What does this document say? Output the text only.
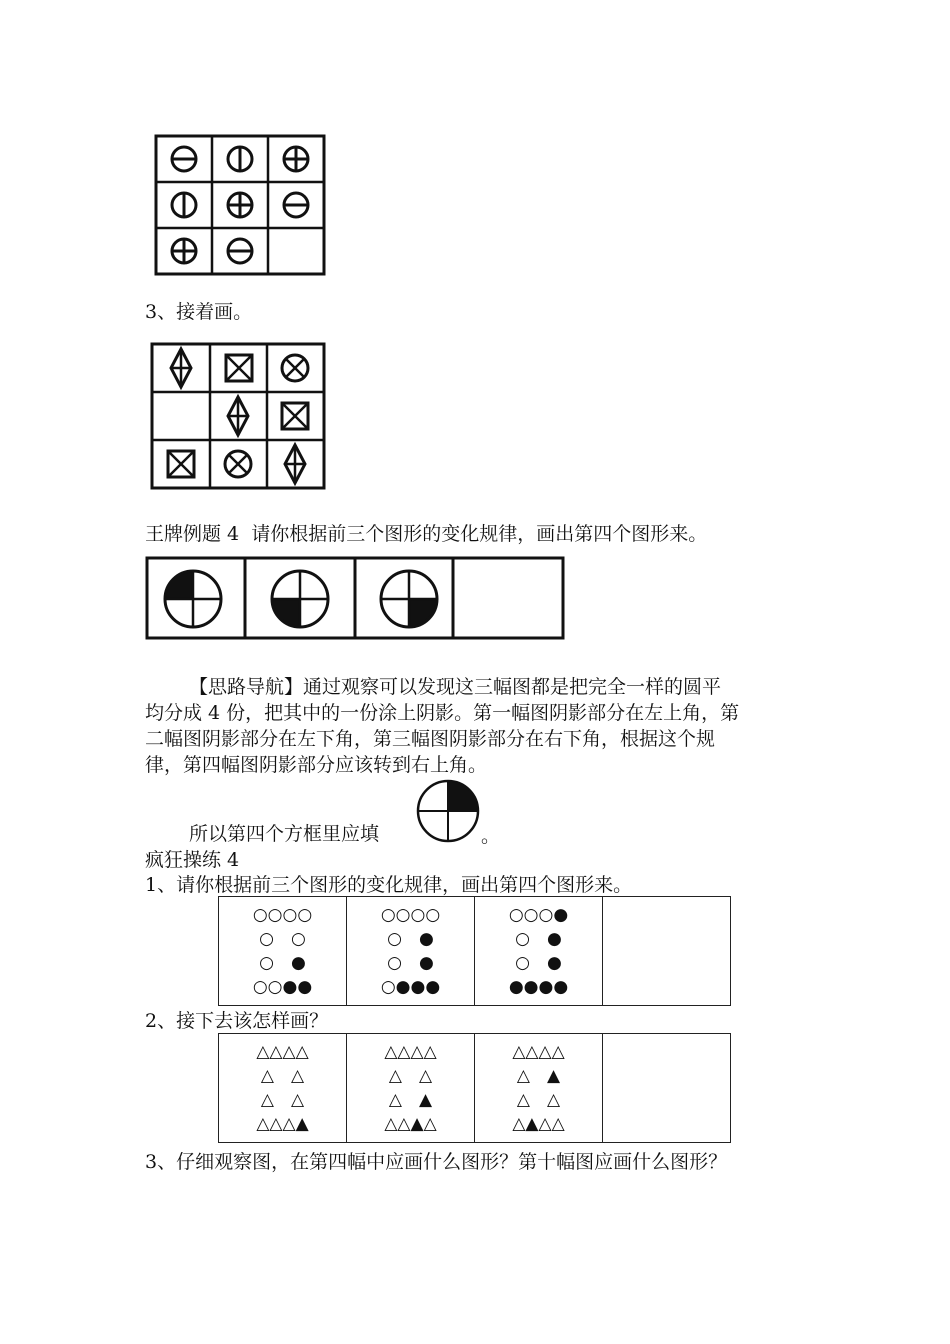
3、接着画。
王牌例题 4 请你根据前三个图形的变化规律，画出第四个图形来。
【思路导航】通过观察可以发现这三幅图都是把完全一样的圆平
均分成 4 份，把其中的一份涂上阴影。第一幅图阴影部分在左上角，第
二幅图阴影部分在左下角，第三幅图阴影部分在右下角，根据这个规
律，第四幅图阴影部分应该转到右上角。
所以第四个方框里应填	。
疯狂操练 4
1、请你根据前三个图形的变化规律，画出第四个图形来。
○○○○
○　○
○　●
○○●●

○○○○
○　●
○　●
○●●●

○○○●
○　●
○　●
●●●●

2、接下去该怎样画？
△△△△
△　△
△　△
△△△▲

△△△△
△　△
△　▲
△△▲△

△△△△
△　▲
△　△
△▲△△

3、仔细观察图，在第四幅中应画什么图形？第十幅图应画什么图形？
